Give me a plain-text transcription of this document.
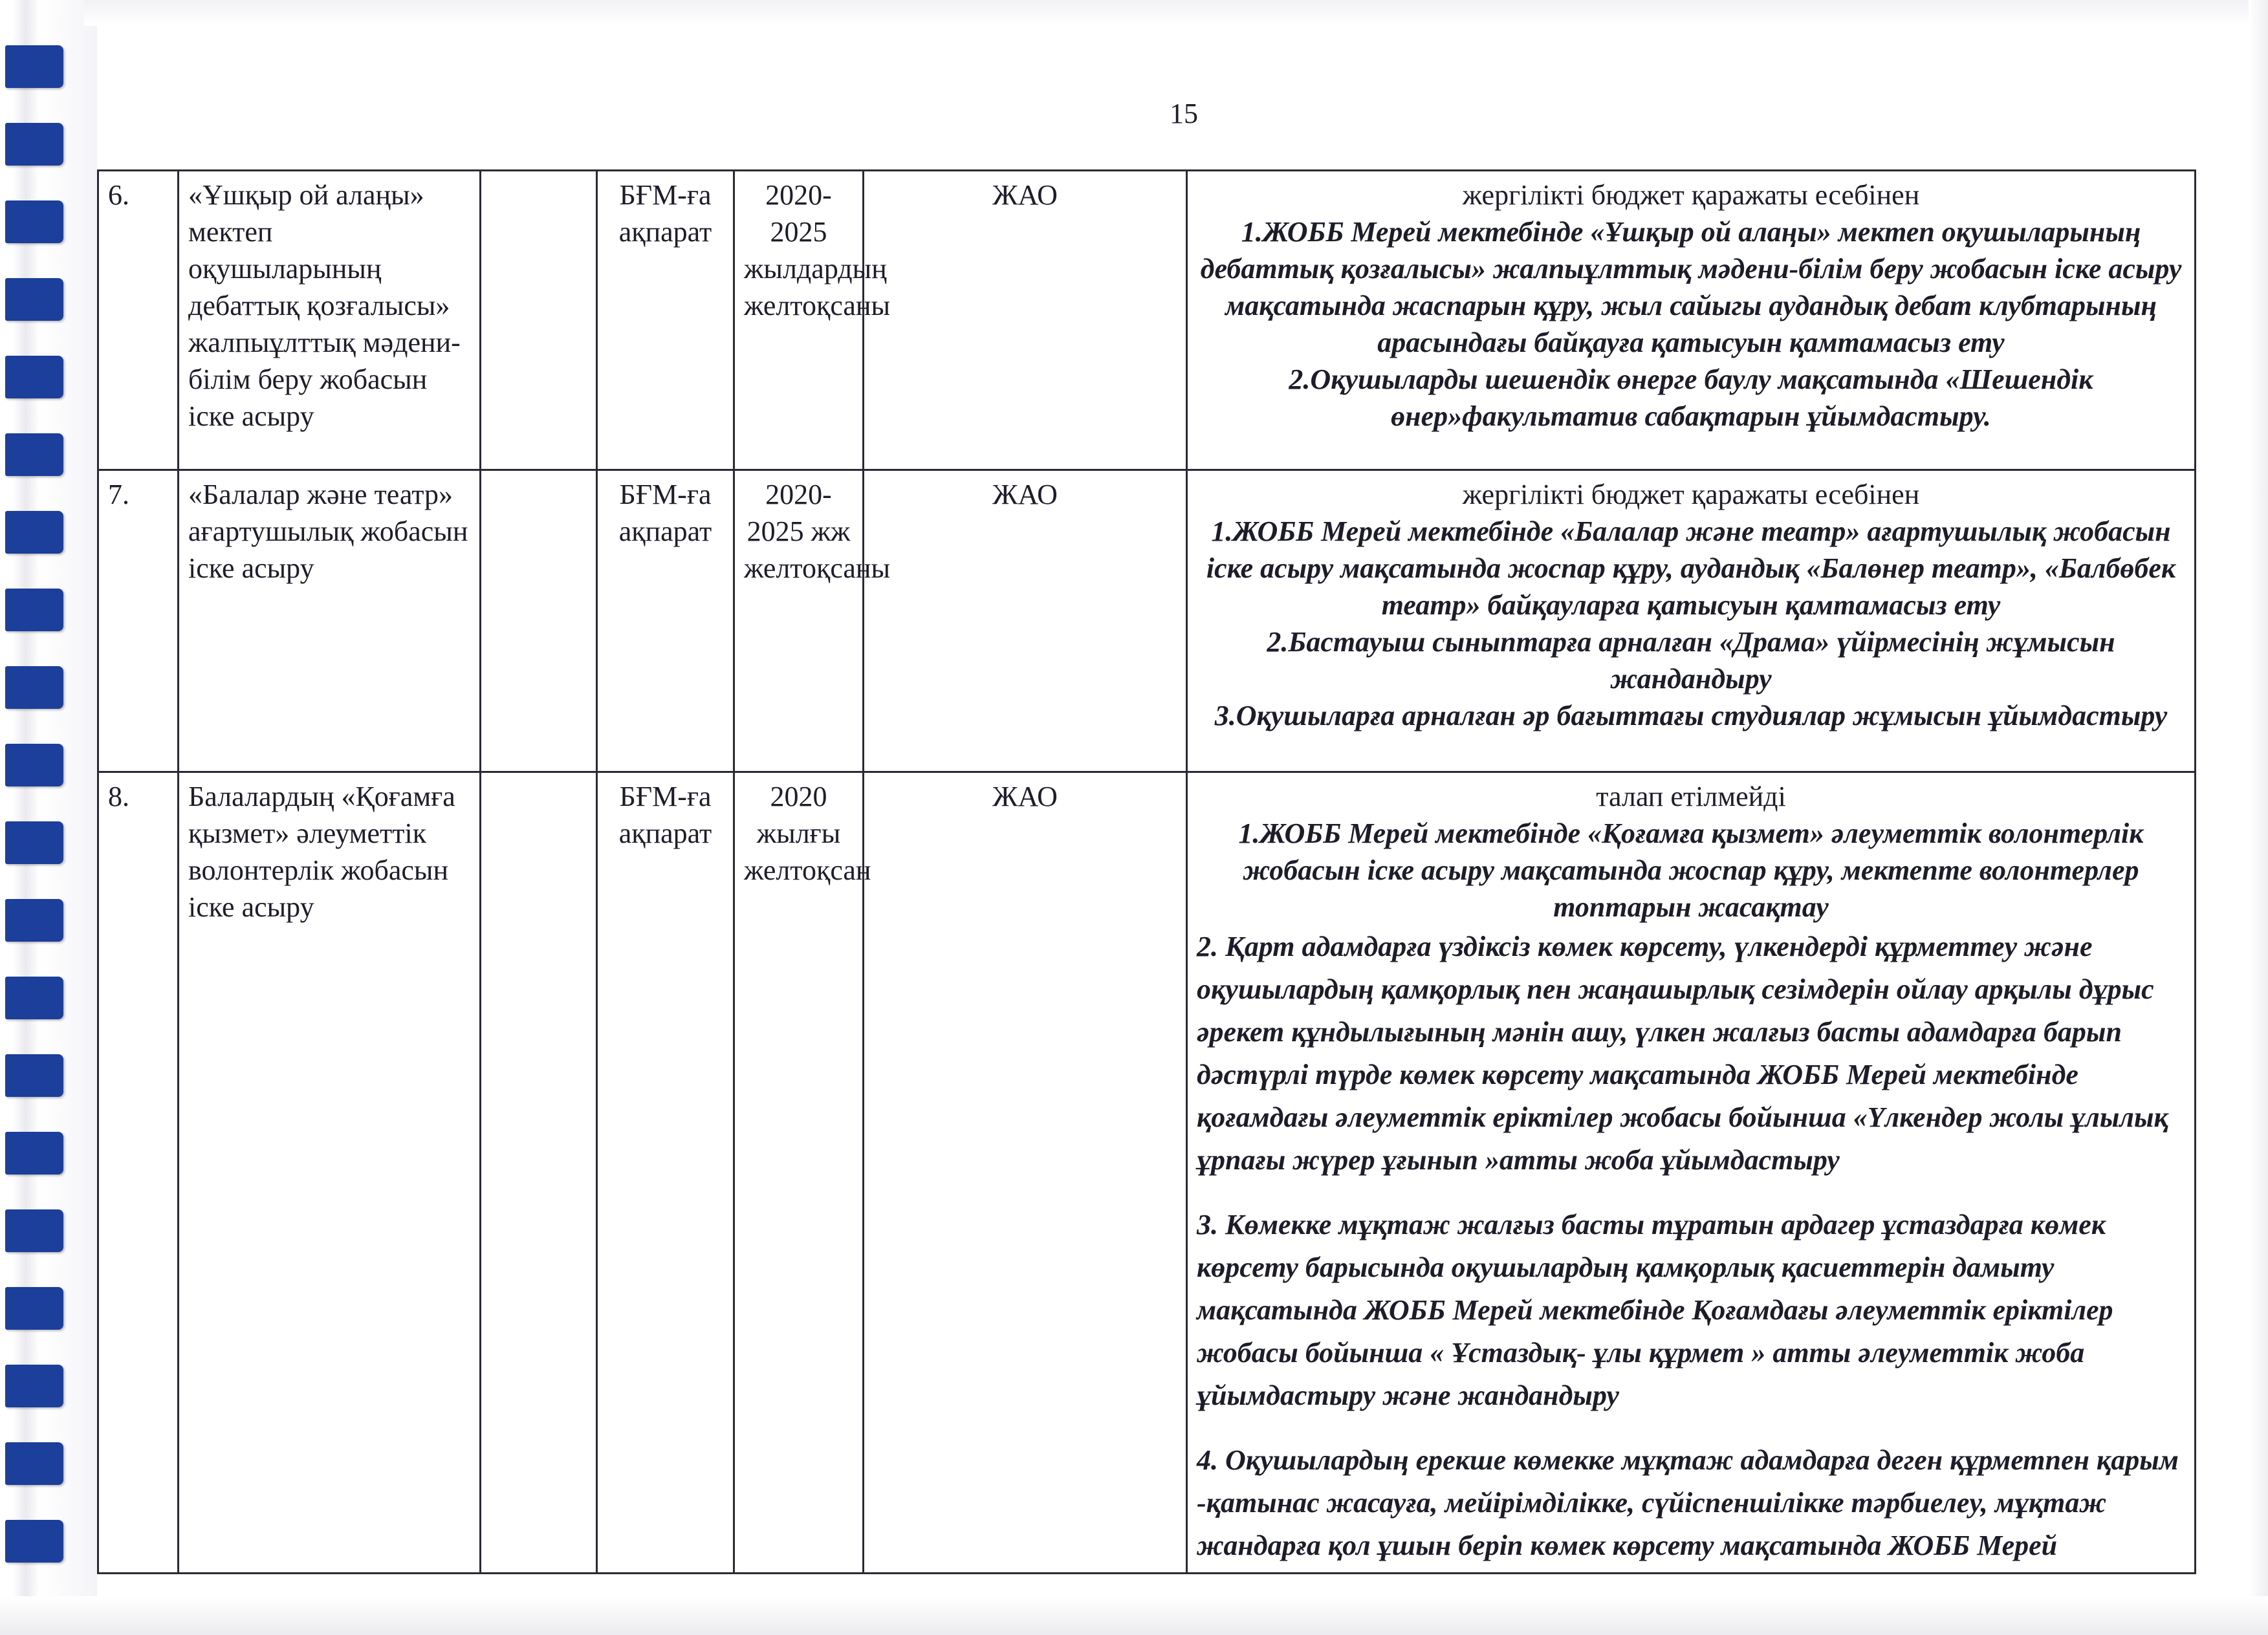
15
6.	«Ұшқыр ой алаңы» мектеп оқушыларының дебаттық қозғалысы» жалпыұлттық мәдени-білім беру жобасын іске асыру		БҒМ-ға ақпарат	2020-2025 жылдардың желтоқсаны	ЖАО	жергілікті бюджет қаражаты есебінен
1.ЖОББ Мерей мектебінде «Ұшқыр ой алаңы» мектеп оқушыларының дебаттық қозғалысы» жалпыұлттық мәдени-білім беру жобасын іске асыру мақсатында жаспарын құру, жыл сайыгы аудандық дебат клубтарының арасындағы байқауға қатысуын қамтамасыз ету
2.Оқушыларды шешендік өнерге баулу мақсатында «Шешендік өнер»факультатив сабақтарын ұйымдастыру.

7.	«Балалар және театр» ағартушылық жобасын іске асыру		БҒМ-ға ақпарат	2020-2025 жж желтоқсаны	ЖАО	жергілікті бюджет қаражаты есебінен
1.ЖОББ Мерей мектебінде «Балалар және театр» ағартушылық жобасын іске асыру мақсатында жоспар құру, аудандық «Балөнер театр», «Балбөбек театр» байқауларға қатысуын қамтамасыз ету
2.Бастауыш сыныптарға арналған «Драма» үйірмесінің жұмысын жандандыру
3.Оқушыларға арналған әр бағыттағы студиялар жұмысын ұйымдастыру

8.	Балалардың «Қоғамға қызмет» әлеуметтік волонтерлік жобасын іске асыру		БҒМ-ға ақпарат	2020 жылғы желтоқсан	ЖАО	талап етілмейді
1.ЖОББ Мерей мектебінде «Қоғамға қызмет» әлеуметтік волонтерлік жобасын іске асыру мақсатында жоспар құру, мектепте волонтерлер топтарын жасақтау
2. Қарт адамдарға үздіксіз көмек көрсету, үлкендерді құрметтеу және оқушылардың қамқорлық пен жаңашырлық сезімдерін ойлау арқылы дұрыс әрекет құндылығының мәнін ашу, үлкен жалғыз басты адамдарға барып дәстүрлі түрде көмек көрсету мақсатында ЖОББ Мерей мектебінде қоғамдағы әлеуметтік еріктілер жобасы бойынша «Үлкендер жолы ұлылық ұрпағы жүрер ұғынып »атты жоба ұйымдастыру
3. Көмекке мұқтаж жалғыз басты тұратын ардагер ұстаздарға көмек көрсету барысында оқушылардың қамқорлық қасиеттерін дамыту мақсатында ЖОББ Мерей мектебінде Қоғамдағы әлеуметтік еріктілер жобасы бойынша « Ұстаздық- ұлы құрмет » атты әлеуметтік жоба ұйымдастыру және жандандыру
4. Оқушылардың ерекше көмекке мұқтаж адамдарға деген құрметпен қарым -қатынас жасауға, мейірімділікке, сүйіспеншілікке тәрбиелеу, мұқтаж жандарға қол ұшын беріп көмек көрсету мақсатында ЖОББ Мерей
